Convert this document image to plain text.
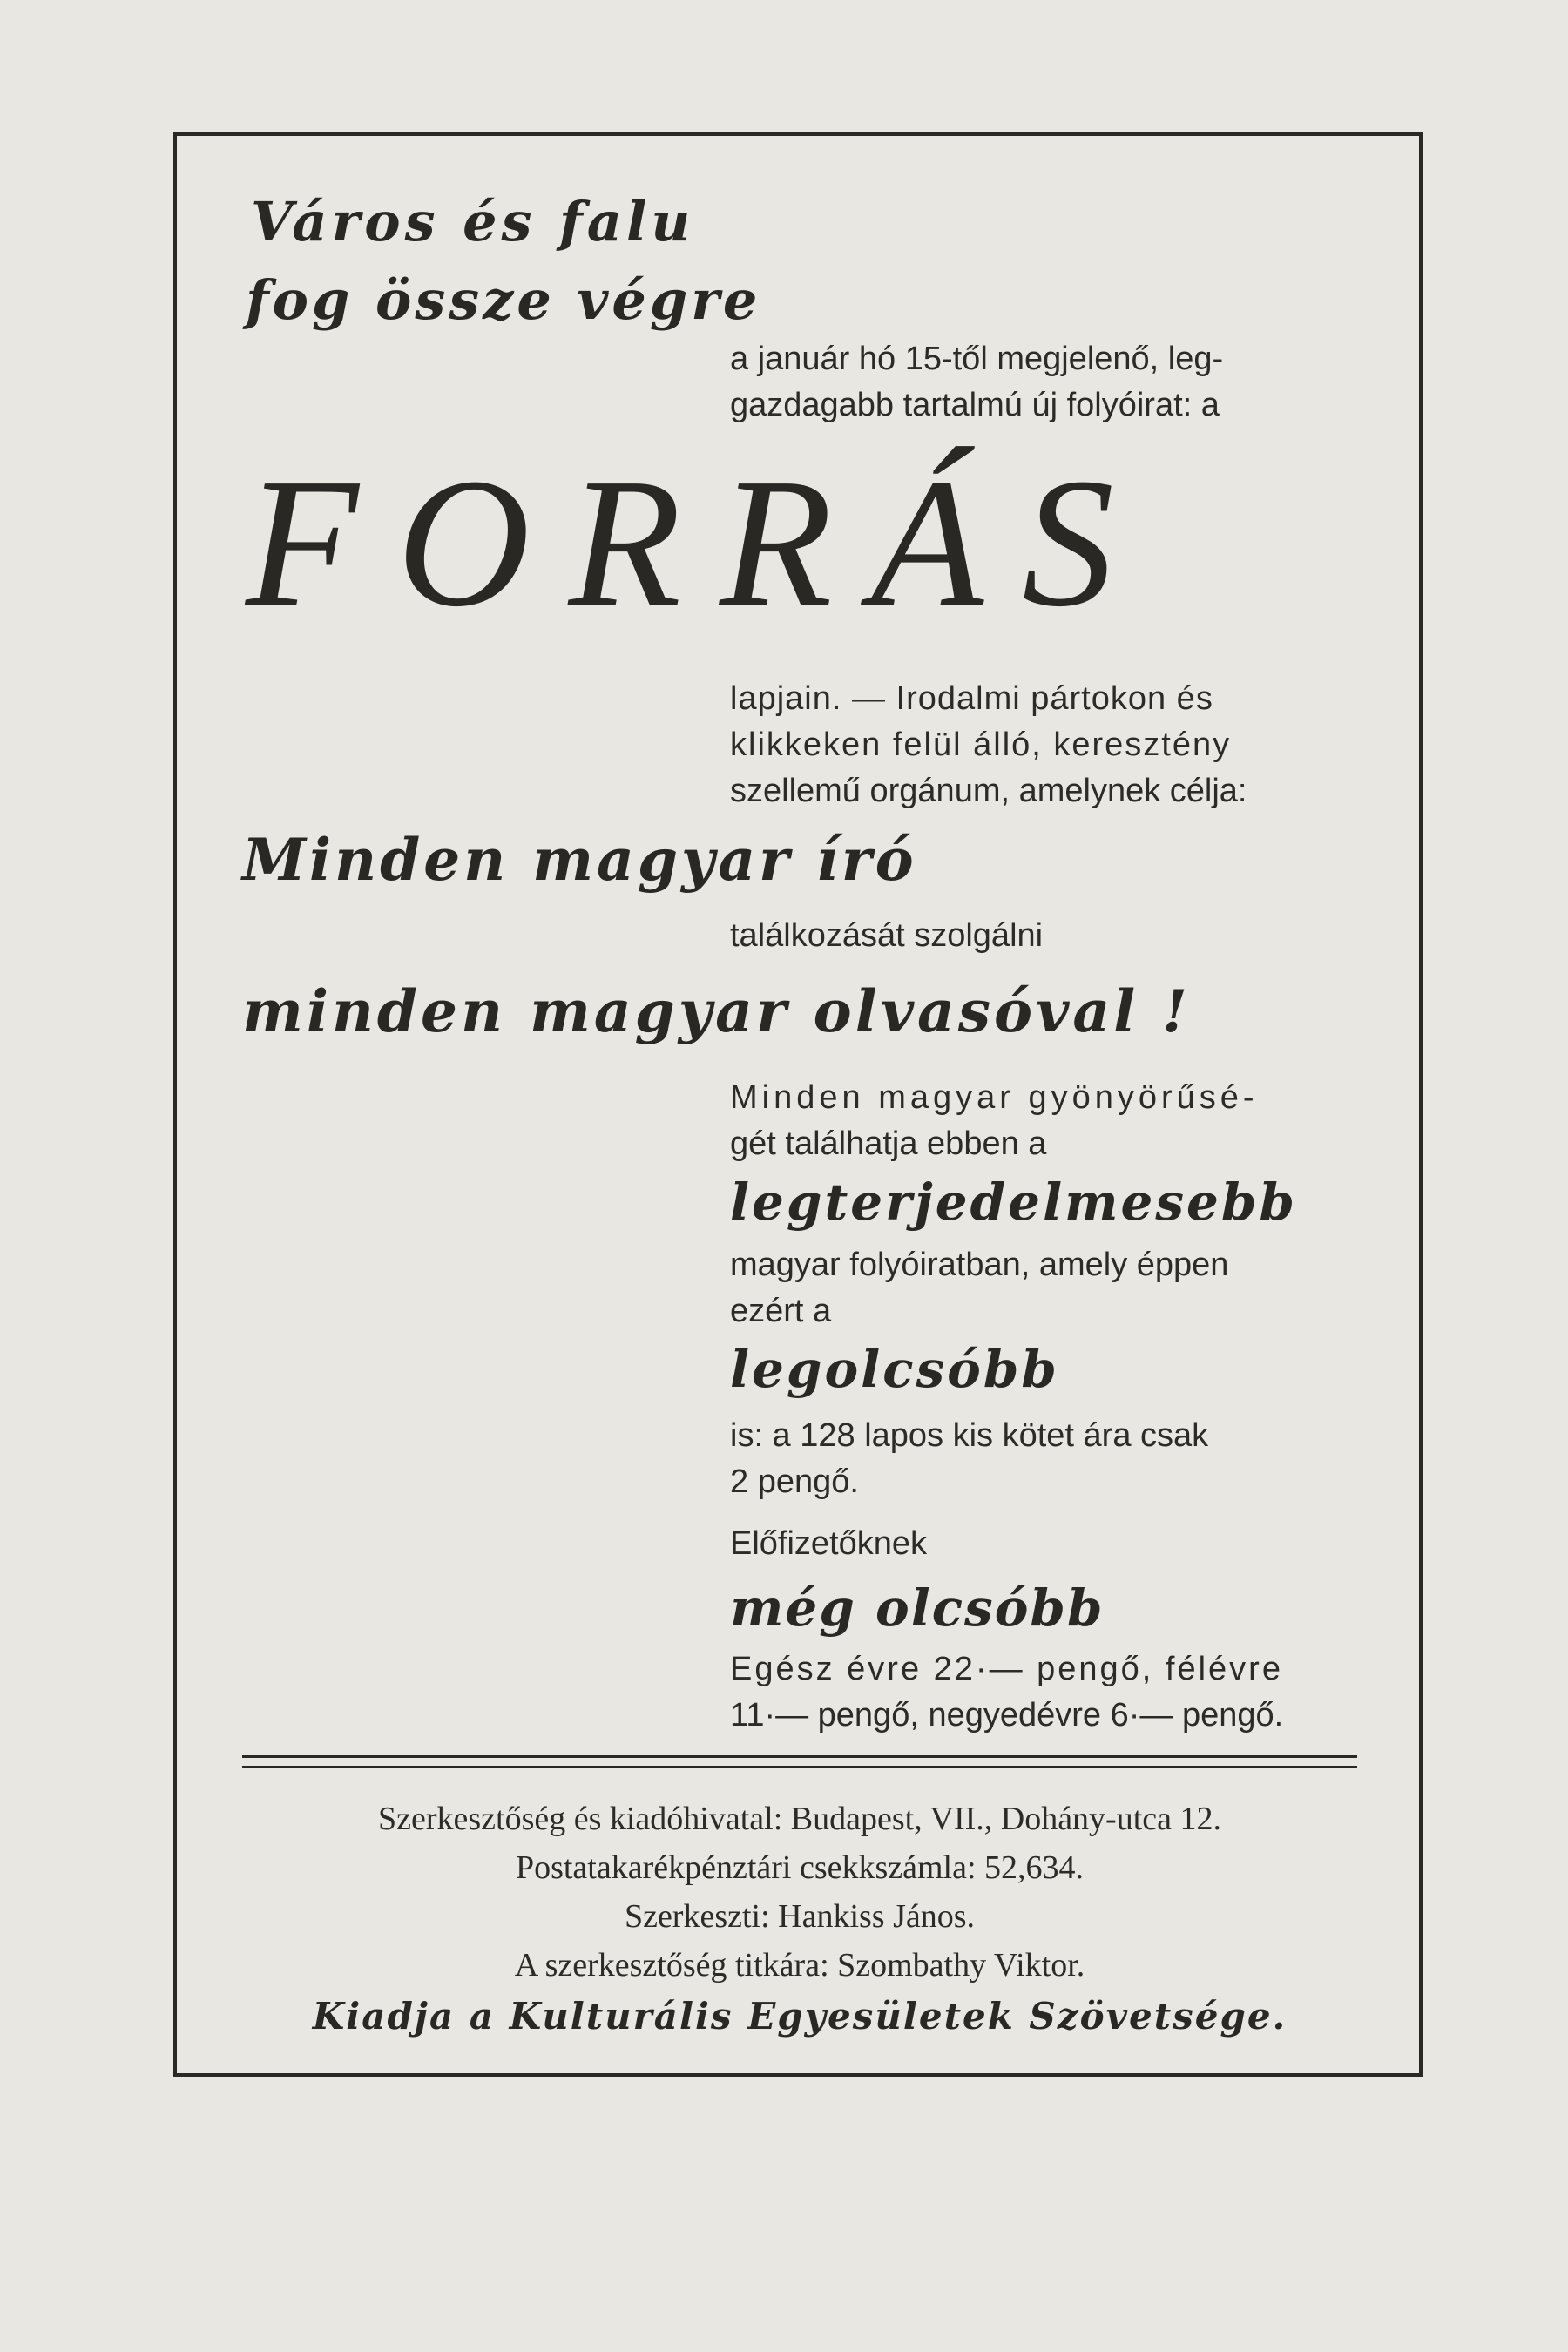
Város és falu

fog össze végre

a január hó 15-től megjelenő, leg-

gazdagabb tartalmú új folyóirat: a

FORRÁS

lapjain. — Irodalmi pártokon és

klikkeken felül álló, keresztény

szellemű orgánum, amelynek célja:

Minden magyar író

találkozását szolgálni

minden magyar olvasóval !

Minden magyar gyönyörűsé-

gét találhatja ebben a

legterjedelmesebb

magyar folyóiratban, amely éppen

ezért a

legolcsóbb

is: a 128 lapos kis kötet ára csak

2 pengő.

Előfizetőknek

még olcsóbb

Egész évre 22·— pengő, félévre

11·— pengő, negyedévre 6·— pengő.

Szerkesztőség és kiadóhivatal: Budapest, VII., Dohány-utca 12.

Postatakarékpénztári csekkszámla: 52,634.

Szerkeszti: Hankiss János.

A szerkesztőség titkára: Szombathy Viktor.

Kiadja a Kulturális Egyesületek Szövetsége.
